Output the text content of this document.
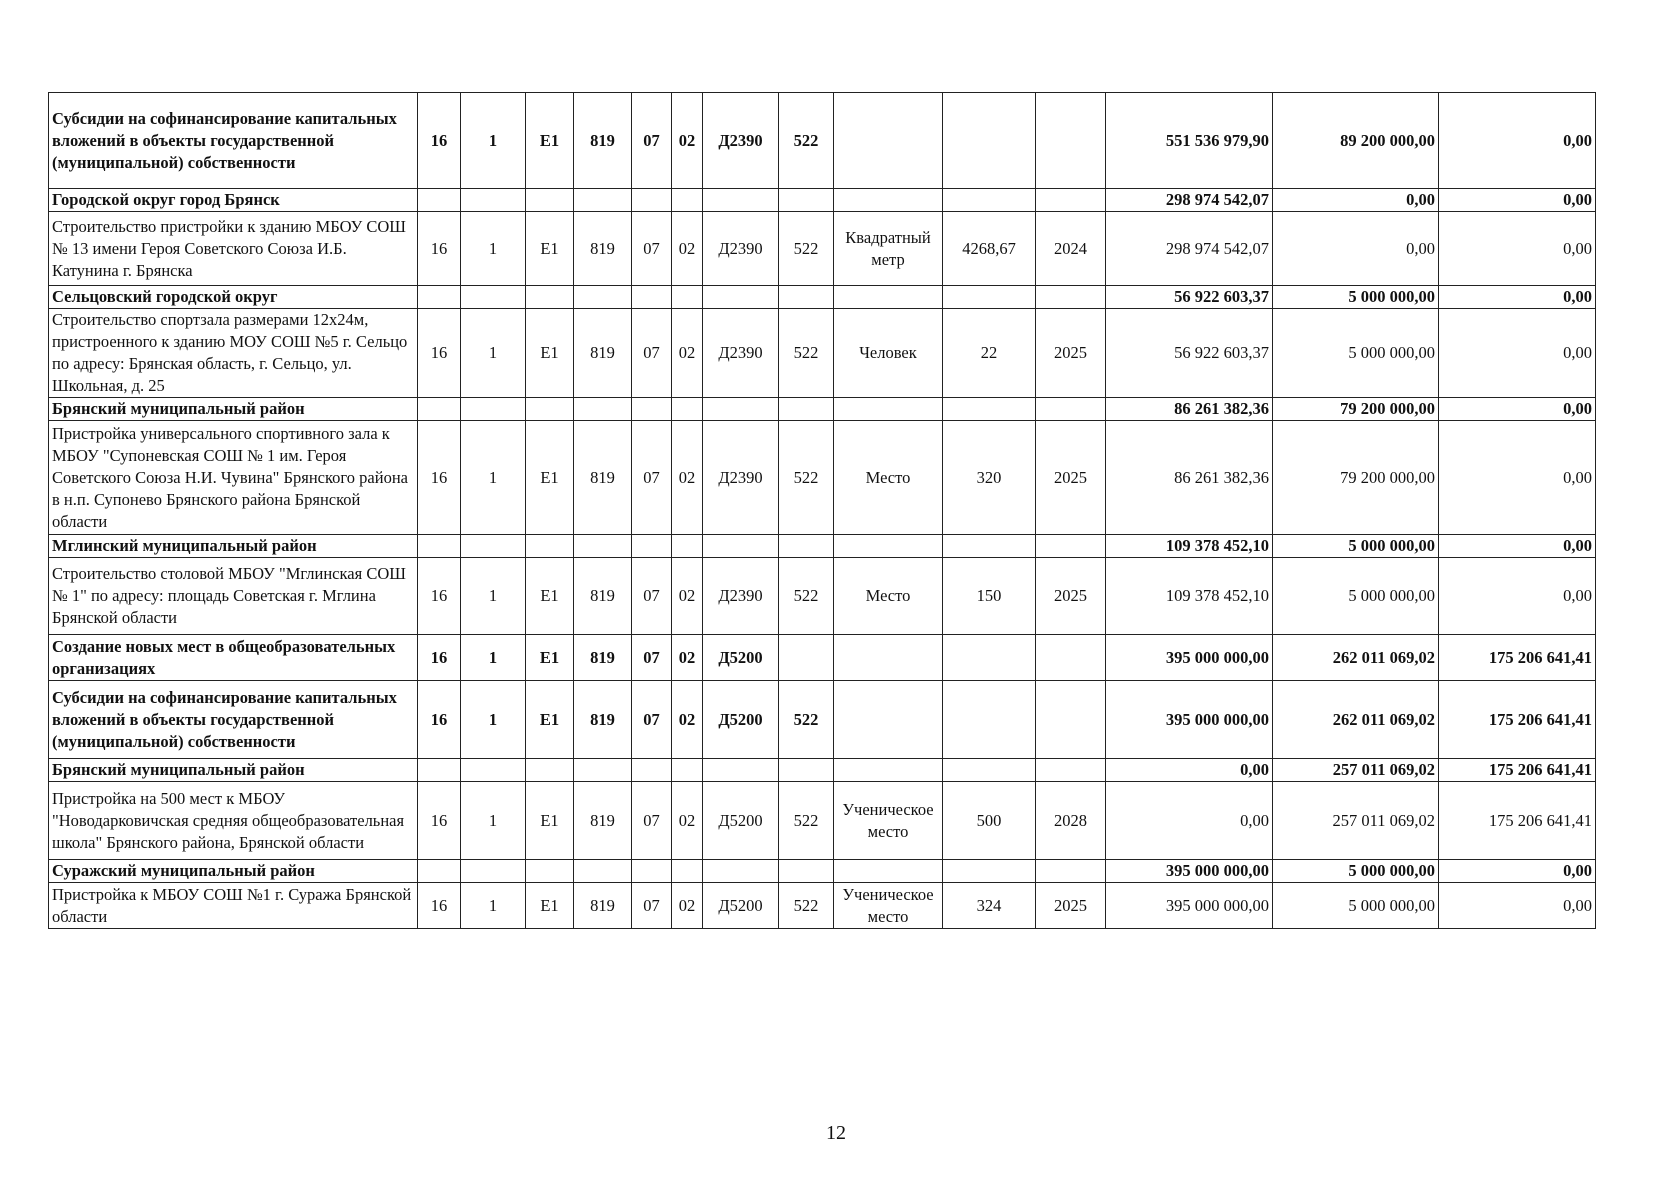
Субсидии на софинансирование капитальных вложений в объекты государственной (муниципальной) собственности	16	1	Е1	819	07	02	Д2390	522				551 536 979,90	89 200 000,00	0,00
Городской округ город Брянск												298 974 542,07	0,00	0,00
Строительство пристройки к зданию МБОУ СОШ № 13 имени Героя Советского Союза И.Б. Катунина г. Брянска	16	1	Е1	819	07	02	Д2390	522	Квадратный метр	4268,67	2024	298 974 542,07	0,00	0,00
Сельцовский городской округ												56 922 603,37	5 000 000,00	0,00
Строительство спортзала размерами 12х24м, пристроенного к зданию МОУ СОШ №5 г. Сельцо по адресу: Брянская область, г. Сельцо, ул. Школьная, д. 25	16	1	Е1	819	07	02	Д2390	522	Человек	22	2025	56 922 603,37	5 000 000,00	0,00
Брянский муниципальный район												86 261 382,36	79 200 000,00	0,00
Пристройка универсального спортивного зала к МБОУ "Супоневская СОШ № 1 им. Героя Советского Союза Н.И. Чувина" Брянского района в н.п. Супонево Брянского района Брянской области	16	1	Е1	819	07	02	Д2390	522	Место	320	2025	86 261 382,36	79 200 000,00	0,00
Мглинский муниципальный район												109 378 452,10	5 000 000,00	0,00
Строительство столовой МБОУ "Мглинская СОШ № 1" по адресу: площадь Советская г. Мглина Брянской области	16	1	Е1	819	07	02	Д2390	522	Место	150	2025	109 378 452,10	5 000 000,00	0,00
Создание новых мест в общеобразовательных организациях	16	1	Е1	819	07	02	Д5200					395 000 000,00	262 011 069,02	175 206 641,41
Субсидии на софинансирование капитальных вложений в объекты государственной (муниципальной) собственности	16	1	Е1	819	07	02	Д5200	522				395 000 000,00	262 011 069,02	175 206 641,41
Брянский муниципальный район												0,00	257 011 069,02	175 206 641,41
Пристройка на 500 мест к МБОУ "Новодарковичская средняя общеобразовательная школа" Брянского района, Брянской области	16	1	Е1	819	07	02	Д5200	522	Ученическое место	500	2028	0,00	257 011 069,02	175 206 641,41
Суражский муниципальный район												395 000 000,00	5 000 000,00	0,00
Пристройка к МБОУ СОШ №1 г. Суража Брянской области	16	1	Е1	819	07	02	Д5200	522	Ученическое место	324	2025	395 000 000,00	5 000 000,00	0,00
12
